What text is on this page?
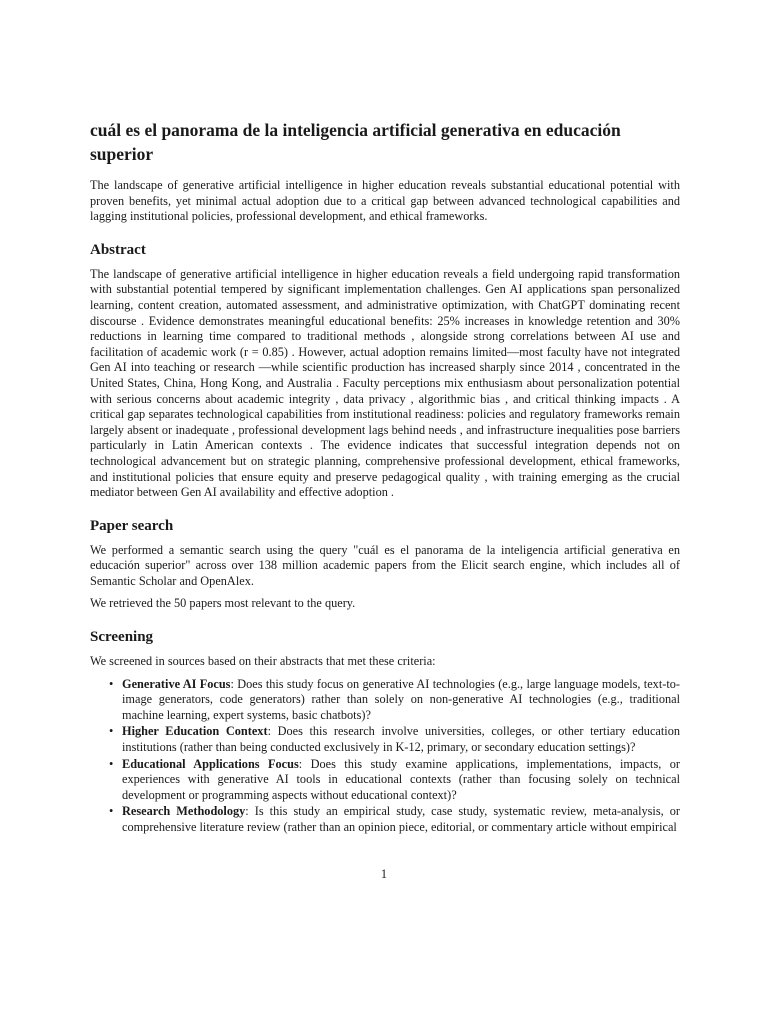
cuál es el panorama de la inteligencia artificial generativa en educación superior

The landscape of generative artificial intelligence in higher education reveals substantial educational potential with proven benefits, yet minimal actual adoption due to a critical gap between advanced technological capabilities and lagging institutional policies, professional development, and ethical frameworks.

Abstract

The landscape of generative artificial intelligence in higher education reveals a field undergoing rapid transformation with substantial potential tempered by significant implementation challenges. Gen AI applications span personalized learning, content creation, automated assessment, and administrative optimization, with ChatGPT dominating recent discourse . Evidence demonstrates meaningful educational benefits: 25% increases in knowledge retention and 30% reductions in learning time compared to traditional methods , alongside strong correlations between AI use and facilitation of academic work (r = 0.85) . However, actual adoption remains limited—most faculty have not integrated Gen AI into teaching or research —while scientific production has increased sharply since 2014 , concentrated in the United States, China, Hong Kong, and Australia . Faculty perceptions mix enthusiasm about personalization potential with serious concerns about academic integrity , data privacy , algorithmic bias , and critical thinking impacts . A critical gap separates technological capabilities from institutional readiness: policies and regulatory frameworks remain largely absent or inadequate , professional development lags behind needs , and infrastructure inequalities pose barriers particularly in Latin American contexts . The evidence indicates that successful integration depends not on technological advancement but on strategic planning, comprehensive professional development, ethical frameworks, and institutional policies that ensure equity and preserve pedagogical quality , with training emerging as the crucial mediator between Gen AI availability and effective adoption .

Paper search

We performed a semantic search using the query "cuál es el panorama de la inteligencia artificial generativa en educación superior" across over 138 million academic papers from the Elicit search engine, which includes all of Semantic Scholar and OpenAlex.

We retrieved the 50 papers most relevant to the query.

Screening

We screened in sources based on their abstracts that met these criteria:

• Generative AI Focus: Does this study focus on generative AI technologies (e.g., large language models, text-to-image generators, code generators) rather than solely on non-generative AI technologies (e.g., traditional machine learning, expert systems, basic chatbots)?
• Higher Education Context: Does this research involve universities, colleges, or other tertiary education institutions (rather than being conducted exclusively in K-12, primary, or secondary education settings)?
• Educational Applications Focus: Does this study examine applications, implementations, impacts, or experiences with generative AI tools in educational contexts (rather than focusing solely on technical development or programming aspects without educational context)?
• Research Methodology: Is this study an empirical study, case study, systematic review, meta-analysis, or comprehensive literature review (rather than an opinion piece, editorial, or commentary article without empirical
1
